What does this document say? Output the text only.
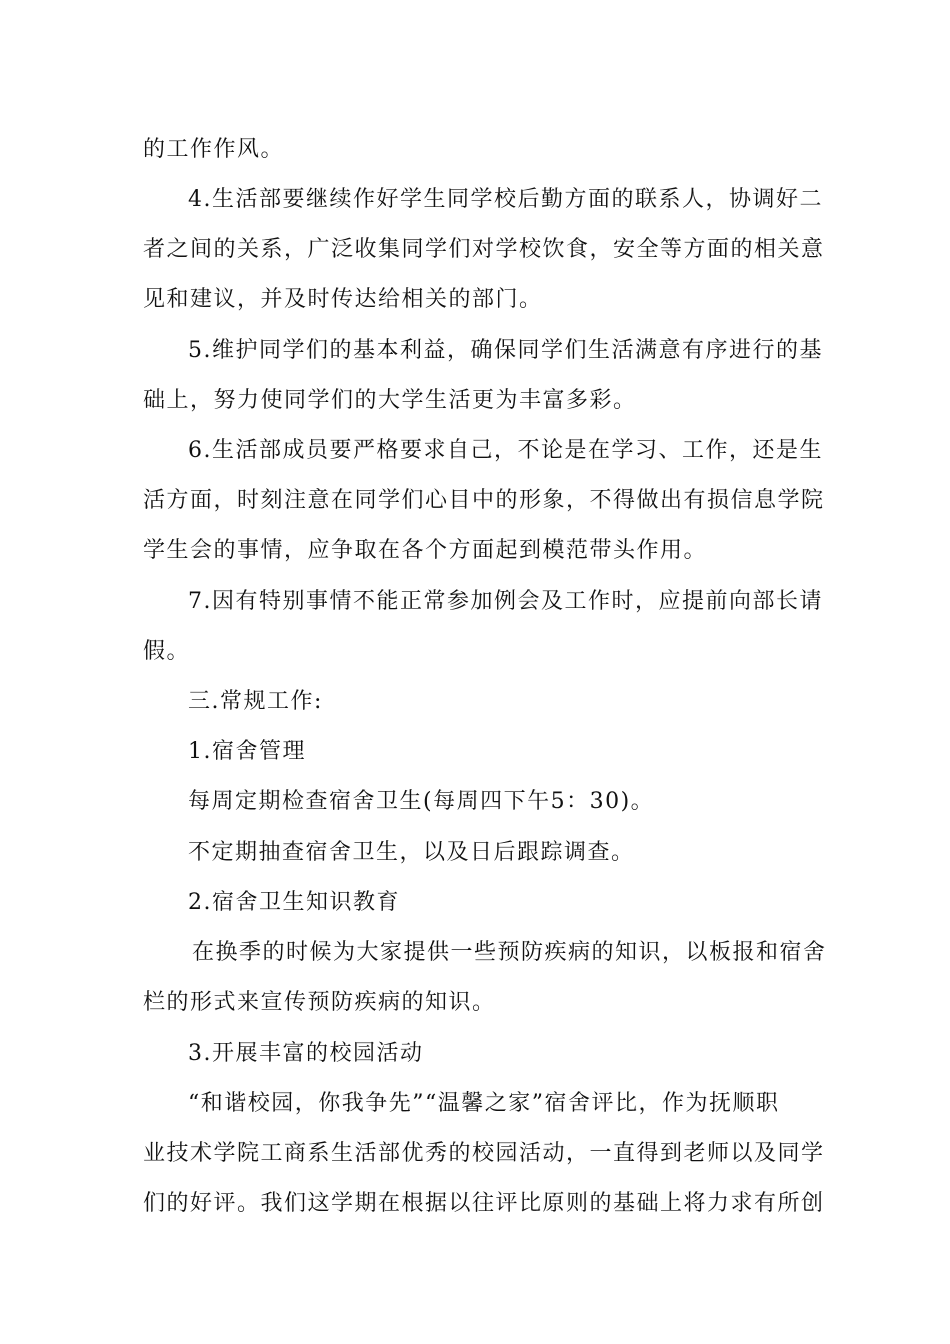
的工作作风。
4.生活部要继续作好学生同学校后勤方面的联系人，协调好二
者之间的关系，广泛收集同学们对学校饮食，安全等方面的相关意
见和建议，并及时传达给相关的部门。
5.维护同学们的基本利益，确保同学们生活满意有序进行的基
础上，努力使同学们的大学生活更为丰富多彩。
6.生活部成员要严格要求自己，不论是在学习、工作，还是生
活方面，时刻注意在同学们心目中的形象，不得做出有损信息学院
学生会的事情，应争取在各个方面起到模范带头作用。
7.因有特别事情不能正常参加例会及工作时，应提前向部长请
假。
三.常规工作:
1.宿舍管理
每周定期检查宿舍卫生(每周四下午5：30)。
不定期抽查宿舍卫生，以及日后跟踪调查。
2.宿舍卫生知识教育
在换季的时候为大家提供一些预防疾病的知识，以板报和宿舍
栏的形式来宣传预防疾病的知识。
3.开展丰富的校园活动
“和谐校园，你我争先”“温馨之家”宿舍评比，作为抚顺职
业技术学院工商系生活部优秀的校园活动，一直得到老师以及同学
们的好评。我们这学期在根据以往评比原则的基础上将力求有所创
